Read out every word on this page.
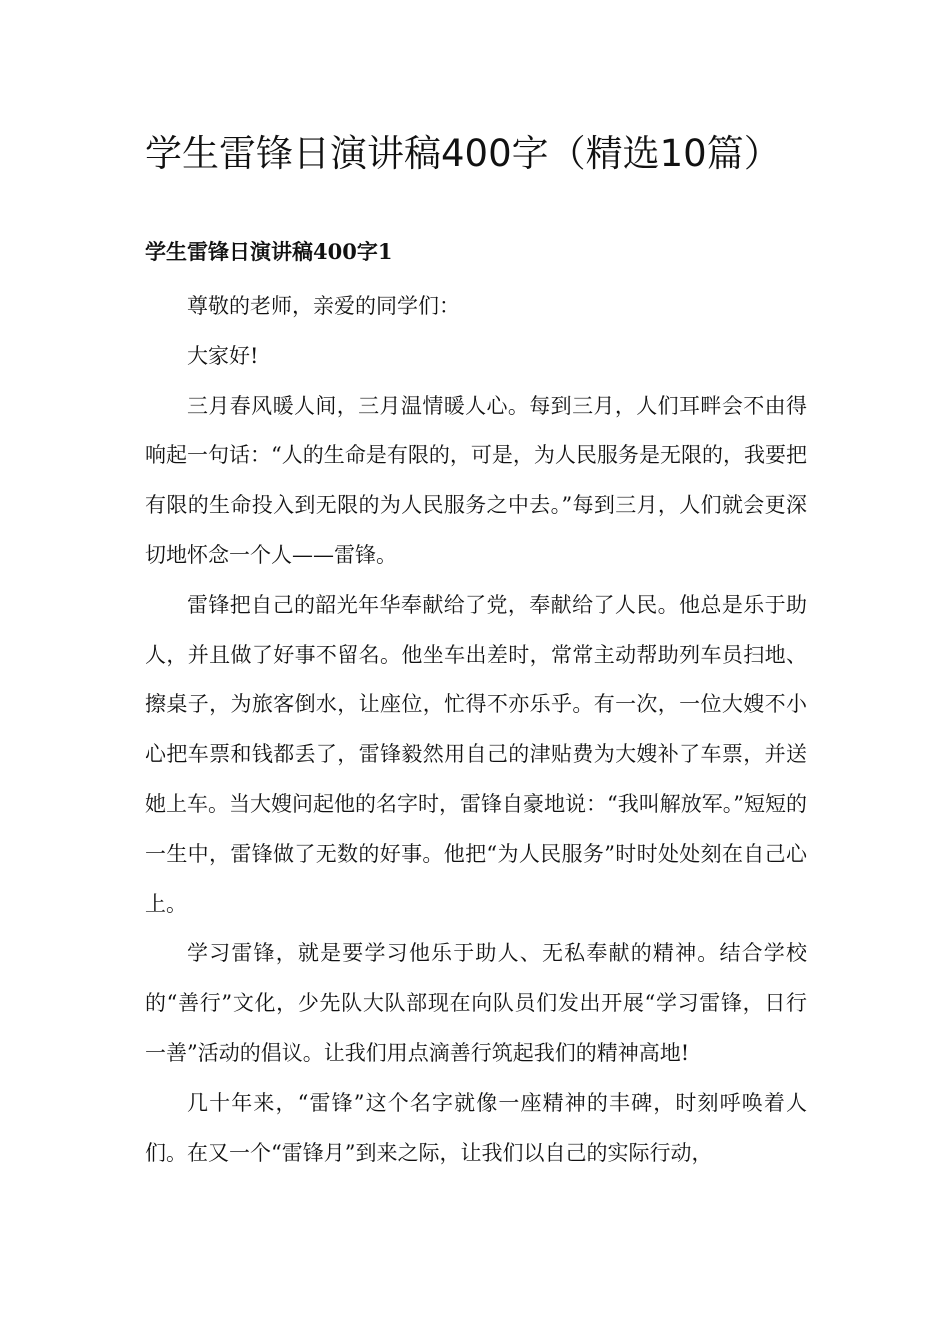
学生雷锋日演讲稿400字（精选10篇）
学生雷锋日演讲稿400字1

尊敬的老师，亲爱的同学们：

大家好!

三月春风暖人间，三月温情暖人心。每到三月，人们耳畔会不由得响起一句话：“人的生命是有限的，可是，为人民服务是无限的，我要把有限的生命投入到无限的为人民服务之中去。”每到三月，人们就会更深切地怀念一个人——雷锋。

雷锋把自己的韶光年华奉献给了党，奉献给了人民。他总是乐于助人，并且做了好事不留名。他坐车出差时，常常主动帮助列车员扫地、擦桌子，为旅客倒水，让座位，忙得不亦乐乎。有一次，一位大嫂不小心把车票和钱都丢了，雷锋毅然用自己的津贴费为大嫂补了车票，并送她上车。当大嫂问起他的名字时，雷锋自豪地说：“我叫解放军。”短短的一生中，雷锋做了无数的好事。他把“为人民服务”时时处处刻在自己心上。

学习雷锋，就是要学习他乐于助人、无私奉献的精神。结合学校的“善行”文化，少先队大队部现在向队员们发出开展“学习雷锋，日行一善”活动的倡议。让我们用点滴善行筑起我们的精神高地!

几十年来，“雷锋”这个名字就像一座精神的丰碑，时刻呼唤着人们。在又一个“雷锋月”到来之际，让我们以自己的实际行动，
